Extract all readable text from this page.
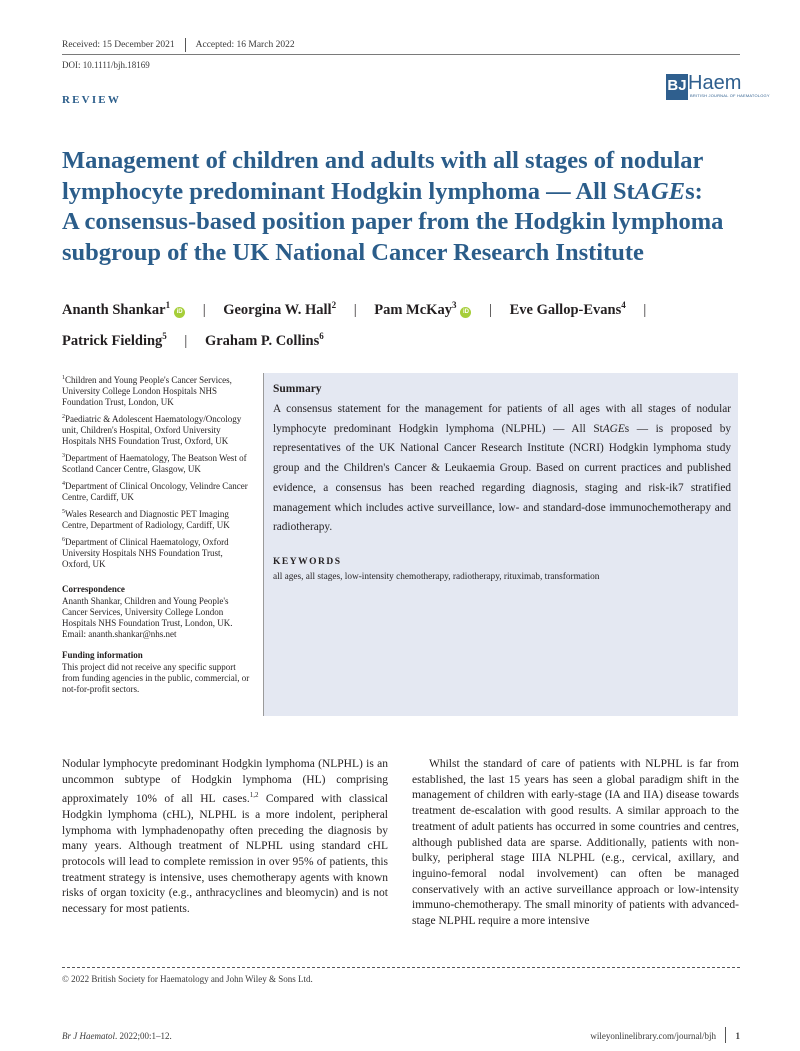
Received: 15 December 2021 Accepted: 16 March 2022
DOI: 10.1111/bjh.18169
REVIEW
BJ Haem
BRITISH JOURNAL OF HAEMATOLOGY
Management of children and adults with all stages of nodular
lymphocyte predominant Hodgkin lymphoma — All StAGEs:
A consensus-based position paper from the Hodgkin lymphoma
subgroup of the UK National Cancer Research Institute
Ananth Shankar$^1$iD | Georgina W. Hall$^2$ | Pam McKay$^3$iD | Eve Gallop-Evans$^4$ |
Patrick Fielding$^5$ | Graham P. Collins$^6$

$^1$Children and Young People's Cancer Services, University College London Hospitals NHS Foundation Trust, London, UK

$^2$Paediatric & Adolescent Haematology/Oncology unit, Children's Hospital, Oxford University Hospitals NHS Foundation Trust, Oxford, UK

$^3$Department of Haematology, The Beatson West of Scotland Cancer Centre, Glasgow, UK

$^4$Department of Clinical Oncology, Velindre Cancer Centre, Cardiff, UK

$^5$Wales Research and Diagnostic PET Imaging Centre, Department of Radiology, Cardiff, UK

$^6$Department of Clinical Haematology, Oxford University Hospitals NHS Foundation Trust, Oxford, UK

Correspondence

Ananth Shankar, Children and Young People's Cancer Services, University College London Hospitals NHS Foundation Trust, London, UK.

Email: ananth.shankar@nhs.net

Funding information

This project did not receive any specific support from funding agencies in the public, commercial, or not-for-profit sectors.

Summary
A consensus statement for the management for patients of all ages with all stages of nodular lymphocyte predominant Hodgkin lymphoma (NLPHL) — All StAGEs — is proposed by representatives of the UK National Cancer Research Institute (NCRI) Hodgkin lymphoma study group and the Children's Cancer & Leukaemia Group. Based on current practices and published evidence, a consensus has been reached regarding diagnosis, staging and risk-ik7 stratified management which includes active surveillance, low- and standard-dose immunochemotherapy and radiotherapy.
KEYWORDS
all ages, all stages, low-intensity chemotherapy, radiotherapy, rituximab, transformation
Nodular lymphocyte predominant Hodgkin lymphoma (NLPHL) is an uncommon subtype of Hodgkin lymphoma (HL) comprising approximately 10% of all HL cases.$^{1,2}$ Compared with classical Hodgkin lymphoma (cHL), NLPHL is a more indolent, peripheral lymphoma with lymphadenopathy often preceding the diagnosis by many years. Although treatment of NLPHL using standard cHL protocols will lead to complete remission in over 95% of patients, this treatment strategy is intensive, uses chemotherapy agents with known risks of organ toxicity (e.g., anthracyclines and bleomycin) and is not necessary for most patients.
Whilst the standard of care of patients with NLPHL is far from established, the last 15 years has seen a global paradigm shift in the management of children with early-stage (IA and IIA) disease towards treatment de-escalation with good results. A similar approach to the treatment of adult patients has occurred in some countries and centres, although published data are sparse. Additionally, patients with non-bulky, peripheral stage IIIA NLPHL (e.g., cervical, axillary, and inguino-femoral nodal involvement) can often be managed conservatively with an active surveillance approach or low-intensity immuno-chemotherapy. The small minority of patients with advanced-stage NLPHL require a more intensive
© 2022 British Society for Haematology and John Wiley & Sons Ltd.
Br J Haematol. 2022;00:1–12.	wileyonlinelibrary.com/journal/bjh 1
